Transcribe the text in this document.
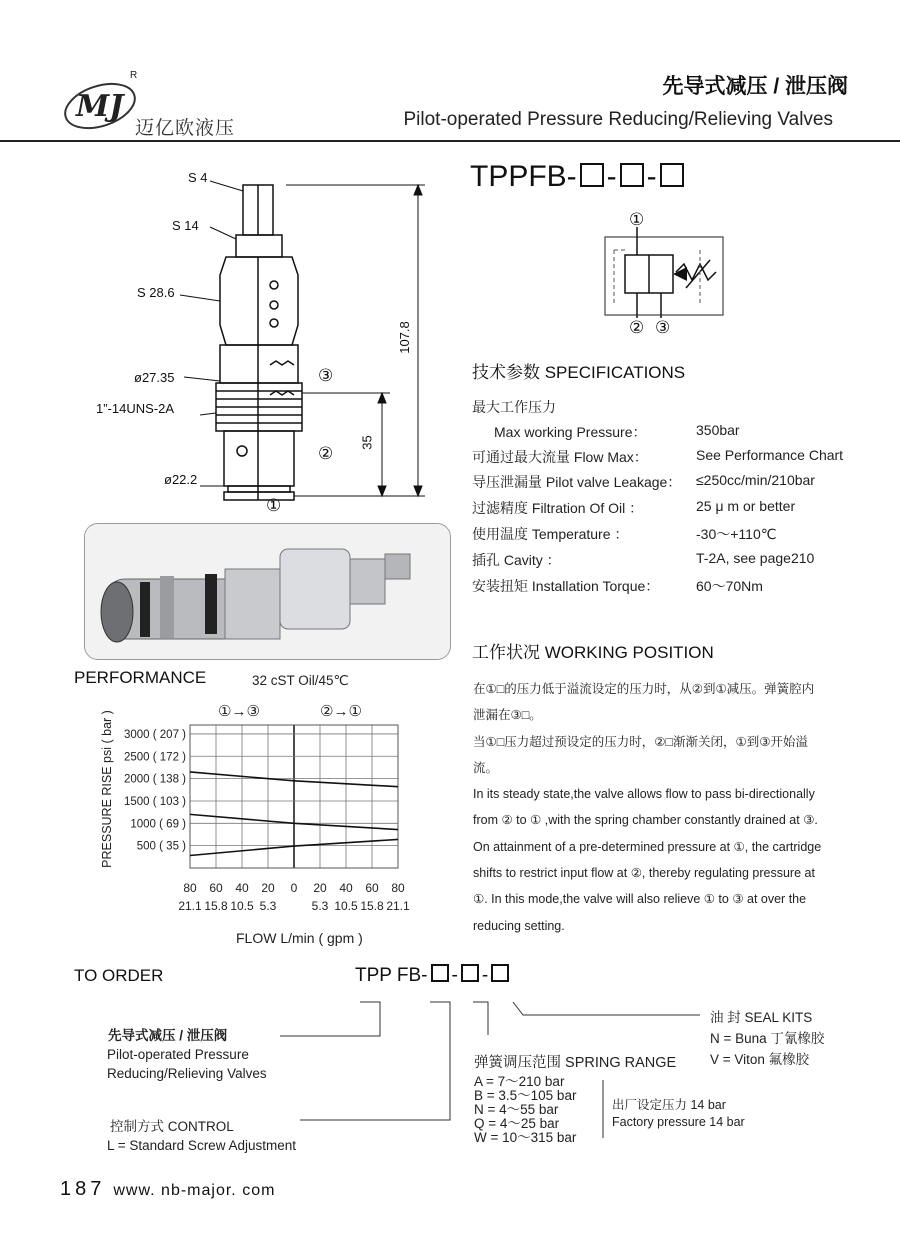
MJ
R
迈亿欧液压
先导式减压 / 泄压阀
Pilot-operated Pressure Reducing/Relieving Valves
TPPFB- - -
S 4
S 14
S 28.6
ø27.35
1”-14UNS-2A
ø22.2
107.8
35
③
②
①
①
② ③
技术参数 SPECIFICATIONS
最大工作压力
Max working Pressure：	350bar
可通过最大流量 Flow Max：	See Performance Chart
导压泄漏量 Pilot valve Leakage： ≤250cc/min/210bar
过滤精度 Filtration Of Oil ：	25 μ m or better
使用温度 Temperature ：	-30～+110℃
插孔 Cavity ：	T-2A, see page210
安装扭矩 Installation Torque：	60～70Nm
工作状况 WORKING POSITION

在①□的压力低于溢流设定的压力时，从②到①减压。弹簧腔内

泄漏在③□。

当①□压力超过预设定的压力时，②□渐渐关闭，①到③开始溢

流。

In its steady state,the valve allows flow to pass bi-directionally

from ② to ① ,with the spring chamber constantly drained at ③.

On attainment of a pre-determined pressure at ①, the cartridge

shifts to restrict input flow at ②, thereby regulating pressure at

①. In this mode,the valve will also relieve ① to ③ at over the

reducing setting.

PERFORMANCE	32 cST Oil/45℃
①→③	②→①
PRESSURE RISE psi ( bar ) 500 ( 35 )
1000 ( 69 )
1500 ( 103 )
2000 ( 138 )
2500 ( 172 )
3000 ( 207 )
80
21.1
60
15.8
40
10.5
20
5.3
0 20
5.3
40
10.5
60
15.8
80
21.1
FLOW L/min ( gpm )
TO ORDER	TPP FB- - -
先导式减压 / 泄压阀
Pilot-operated Pressure
Reducing/Relieving Valves
控制方式 CONTROL
L = Standard Screw Adjustment
弹簧调压范围 SPRING RANGE
A = 7～210 bar
B = 3.5～105 bar
N = 4～55 bar
Q = 4～25 bar
W = 10～315 bar
出厂设定压力 14 bar
Factory pressure 14 bar
油 封 SEAL KITS
N = Buna 丁氰橡胶
V = Viton 氟橡胶
187 www. nb-major. com
